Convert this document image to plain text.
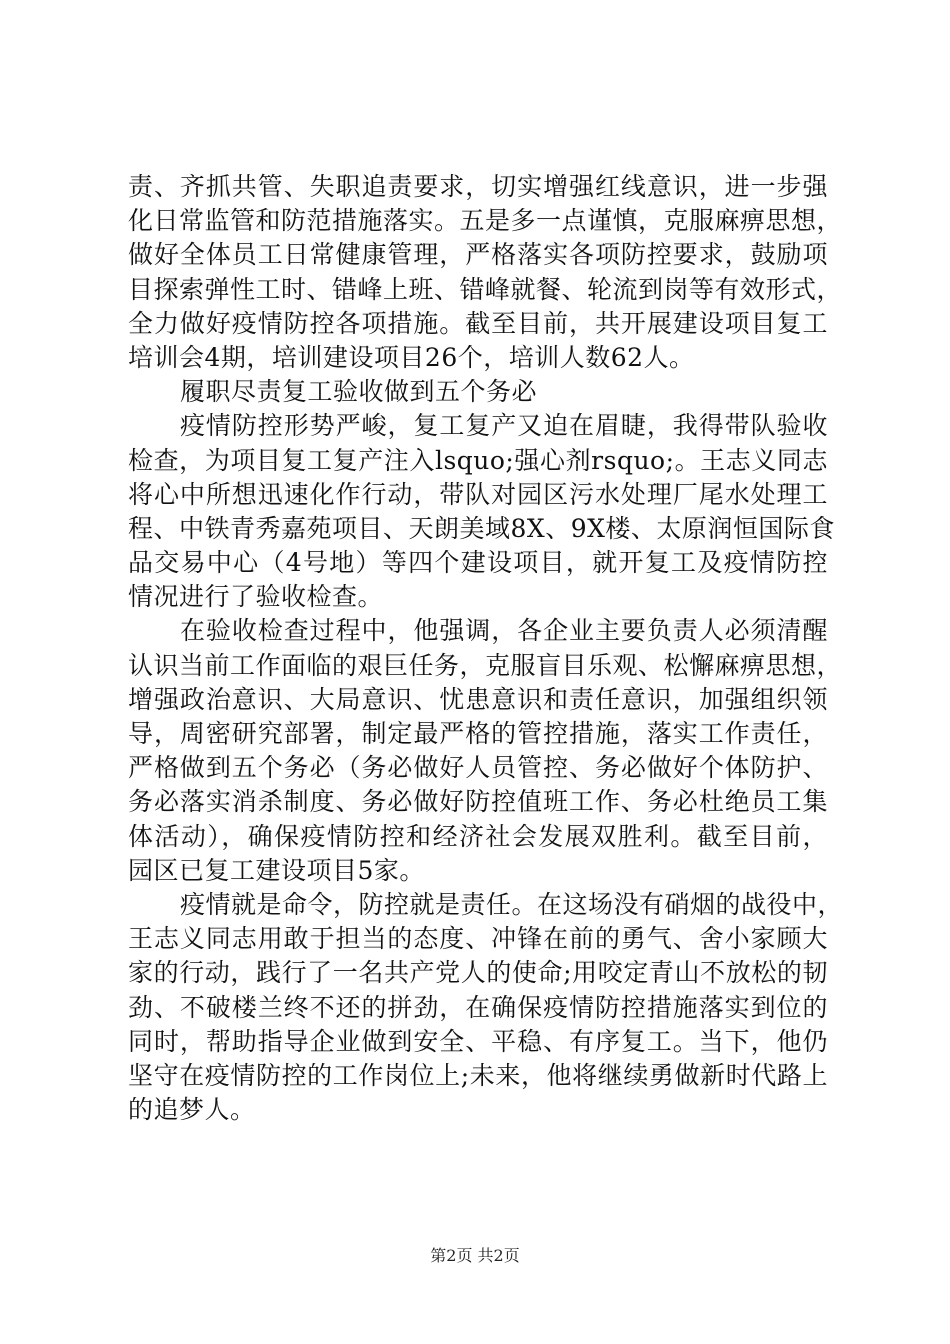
责、齐抓共管、失职追责要求，切实增强红线意识，进一步强
化日常监管和防范措施落实。五是多一点谨慎，克服麻痹思想，
做好全体员工日常健康管理，严格落实各项防控要求，鼓励项
目探索弹性工时、错峰上班、错峰就餐、轮流到岗等有效形式，
全力做好疫情防控各项措施。截至目前，共开展建设项目复工
培训会4期，培训建设项目26个，培训人数62人。
履职尽责复工验收做到五个务必
疫情防控形势严峻，复工复产又迫在眉睫，我得带队验收
检查，为项目复工复产注入lsquo;强心剂rsquo;。王志义同志
将心中所想迅速化作行动，带队对园区污水处理厂尾水处理工
程、中铁青秀嘉苑项目、天朗美域8X、9X楼、太原润恒国际食
品交易中心（4号地）等四个建设项目，就开复工及疫情防控
情况进行了验收检查。
在验收检查过程中，他强调，各企业主要负责人必须清醒
认识当前工作面临的艰巨任务，克服盲目乐观、松懈麻痹思想，
增强政治意识、大局意识、忧患意识和责任意识，加强组织领
导，周密研究部署，制定最严格的管控措施，落实工作责任，
严格做到五个务必（务必做好人员管控、务必做好个体防护、
务必落实消杀制度、务必做好防控值班工作、务必杜绝员工集
体活动），确保疫情防控和经济社会发展双胜利。截至目前，
园区已复工建设项目5家。
疫情就是命令，防控就是责任。在这场没有硝烟的战役中，
王志义同志用敢于担当的态度、冲锋在前的勇气、舍小家顾大
家的行动，践行了一名共产党人的使命;用咬定青山不放松的韧
劲、不破楼兰终不还的拼劲，在确保疫情防控措施落实到位的
同时，帮助指导企业做到安全、平稳、有序复工。当下，他仍
坚守在疫情防控的工作岗位上;未来，他将继续勇做新时代路上
的追梦人。
第2页 共2页
